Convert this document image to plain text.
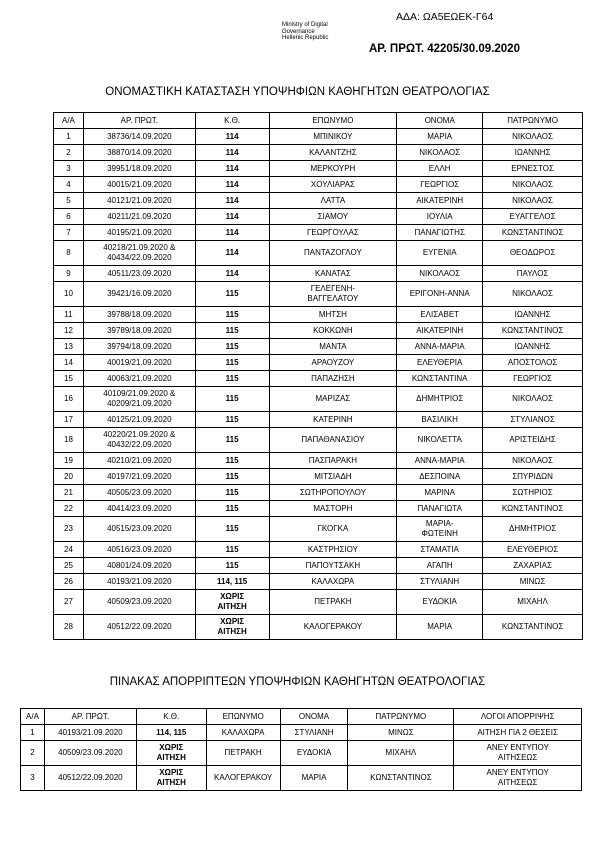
ΑΔΑ: ΩΑ5ΕΩΕΚ-Γ64
Ministry of Digital
Governance
Hellenic Republic
ΑΡ. ΠΡΩΤ. 42205/30.09.2020
ΟΝΟΜΑΣΤΙΚΗ ΚΑΤΑΣΤΑΣΗ ΥΠΟΨΗΦΙΩΝ ΚΑΘΗΓΗΤΩΝ ΘΕΑΤΡΟΛΟΓΙΑΣ
Α/Α	ΑΡ. ΠΡΩΤ.	Κ.Θ.	ΕΠΩΝΥΜΟ	ΟΝΟΜΑ	ΠΑΤΡΩΝΥΜΟ
1	38736/14.09.2020	114	ΜΠΙΝΙΚΟΥ	ΜΑΡΙΑ	ΝΙΚΟΛΑΟΣ
2	38870/14.09.2020	114	ΚΑΛΑΝΤΖΗΣ	ΝΙΚΟΛΑΟΣ	ΙΩΑΝΝΗΣ
3	39951/18.09.2020	114	ΜΕΡΚΟΥΡΗ	ΕΛΛΗ	ΕΡΝΕΣΤΟΣ
4	40015/21.09.2020	114	ΧΟΥΛΙΑΡΑΣ	ΓΕΩΡΓΙΟΣ	ΝΙΚΟΛΑΟΣ
5	40121/21.09.2020	114	ΛΑΤΤΑ	ΑΙΚΑΤΕΡΙΝΗ	ΝΙΚΟΛΑΟΣ
6	40211/21.09.2020	114	ΣΙΑΜΟΥ	ΙΟΥΛΙΑ	ΕΥΑΓΓΕΛΟΣ
7	40195/21.09.2020	114	ΓΕΩΡΓΟΥΛΑΣ	ΠΑΝΑΓΙΩΤΗΣ	ΚΩΝΣΤΑΝΤΙΝΟΣ
8	40218/21.09.2020 &
40434/22.09.2020	114	ΠΑΝΤΑΖΟΓΛΟΥ	ΕΥΓΕΝΙΑ	ΘΕΟΔΩΡΟΣ
9	40511/23.09.2020	114	ΚΑΝΑΤΑΣ	ΝΙΚΟΛΑΟΣ	ΠΑΥΛΟΣ
10	39421/16.09.2020	115	ΓΕΛΕΓΕΝΗ-
ΒΑΓΓΕΛΑΤΟΥ	ΕΡΙΓΟΝΗ-ΑΝΝΑ	ΝΙΚΟΛΑΟΣ
11	39788/18.09.2020	115	ΜΗΤΣΗ	ΕΛΙΣΑΒΕΤ	ΙΩΑΝΝΗΣ
12	39789/18.09.2020	115	ΚΟΚΚΩΝΗ	ΑΙΚΑΤΕΡΙΝΗ	ΚΩΝΣΤΑΝΤΙΝΟΣ
13	39794/18.09.2020	115	ΜΑΝΤΑ	ΑΝΝΑ-ΜΑΡΙΑ	ΙΩΑΝΝΗΣ
14	40019/21.09.2020	115	ΑΡΑΟΥΖΟΥ	ΕΛΕΥΘΕΡΙΑ	ΑΠΟΣΤΟΛΟΣ
15	40063/21.09.2020	115	ΠΑΠΑΖΗΣΗ	ΚΩΝΣΤΑΝΤΙΝΑ	ΓΕΩΡΓΙΟΣ
16	40109/21.09.2020 &
40209/21.09.2020	115	ΜΑΡΙΖΑΣ	ΔΗΜΗΤΡΙΟΣ	ΝΙΚΟΛΑΟΣ
17	40125/21.09.2020	115	ΚΑΤΕΡΙΝΗ	ΒΑΣΙΛΙΚΗ	ΣΤΥΛΙΑΝΟΣ
18	40220/21.09.2020 &
40432/22.09.2020	115	ΠΑΠΑΘΑΝΑΣΙΟΥ	ΝΙΚΟΛΕΤΤΑ	ΑΡΙΣΤΕΙΔΗΣ
19	40210/21.09.2020	115	ΠΑΣΠΑΡΑΚΗ	ΑΝΝΑ-ΜΑΡΙΑ	ΝΙΚΟΛΑΟΣ
20	40197/21.09.2020	115	ΜΙΤΣΙΑΔΗ	ΔΕΣΠΟΙΝΑ	ΣΠΥΡΙΔΩΝ
21	40505/23.09.2020	115	ΣΩΤΗΡΟΠΟΥΛΟΥ	ΜΑΡΙΝΑ	ΣΩΤΗΡΙΟΣ
22	40414/23.09.2020	115	ΜΑΣΤΟΡΗ	ΠΑΝΑΓΙΩΤΑ	ΚΩΝΣΤΑΝΤΙΝΟΣ
23	40515/23.09.2020	115	ΓΚΟΓΚΑ	ΜΑΡΙΑ-
ΦΩΤΕΙΝΗ	ΔΗΜΗΤΡΙΟΣ
24	40516/23.09.2020	115	ΚΑΣΤΡΗΣΙΟΥ	ΣΤΑΜΑΤΙΑ	ΕΛΕΥΘΕΡΙΟΣ
25	40801/24.09.2020	115	ΠΑΠΟΥΤΣΑΚΗ	ΑΓΑΠΗ	ΖΑΧΑΡΙΑΣ
26	40193/21.09.2020	114, 115	ΚΑΛΑΧΩΡΑ	ΣΤΥΛΙΑΝΗ	ΜΙΝΩΣ
27	40509/23.09.2020	ΧΩΡΙΣ
ΑΙΤΗΣΗ	ΠΕΤΡΑΚΗ	ΕΥΔΟΚΙΑ	ΜΙΧΑΗΛ
28	40512/22.09.2020	ΧΩΡΙΣ
ΑΙΤΗΣΗ	ΚΑΛΟΓΕΡΑΚΟΥ	ΜΑΡΙΑ	ΚΩΝΣΤΑΝΤΙΝΟΣ
ΠΙΝΑΚΑΣ ΑΠΟΡΡΙΠΤΕΩΝ ΥΠΟΨΗΦΙΩΝ ΚΑΘΗΓΗΤΩΝ ΘΕΑΤΡΟΛΟΓΙΑΣ
Α/Α	ΑΡ. ΠΡΩΤ.	Κ.Θ.	ΕΠΩΝΥΜΟ	ΟΝΟΜΑ	ΠΑΤΡΩΝΥΜΟ	ΛΟΓΟΙ ΑΠΟΡΡΙΨΗΣ
1	40193/21.09.2020	114, 115	ΚΑΛΑΧΩΡΑ	ΣΤΥΛΙΑΝΗ	ΜΙΝΩΣ	ΑΙΤΗΣΗ ΓΙΑ 2 ΘΕΣΕΙΣ
2	40509/23.09.2020	ΧΩΡΙΣ
ΑΙΤΗΣΗ	ΠΕΤΡΑΚΗ	ΕΥΔΟΚΙΑ	ΜΙΧΑΗΛ	ΑΝΕΥ ΕΝΤΥΠΟΥ
ΑΙΤΗΣΕΩΣ
3	40512/22.09.2020	ΧΩΡΙΣ
ΑΙΤΗΣΗ	ΚΑΛΟΓΕΡΑΚΟΥ	ΜΑΡΙΑ	ΚΩΝΣΤΑΝΤΙΝΟΣ	ΑΝΕΥ ΕΝΤΥΠΟΥ
ΑΙΤΗΣΕΩΣ
